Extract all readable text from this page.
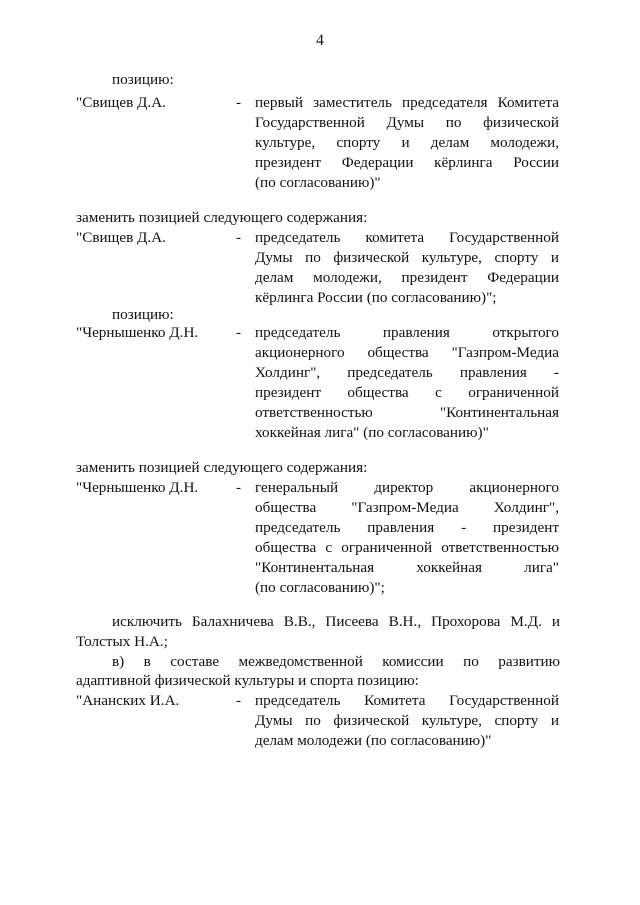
4
позицию:
"Свищев Д.А.	- первый заместитель председателя Комитета
Государственной Думы по физической
культуре, спорту и делам молодежи,
президент Федерации кёрлинга России
(по согласованию)"
заменить позицией следующего содержания:
"Свищев Д.А.	- председатель комитета Государственной
Думы по физической культуре, спорту и
делам молодежи, президент Федерации
кёрлинга России (по согласованию)";
позицию:
"Чернышенко Д.Н. - председатель правления открытого
акционерного общества "Газпром-Медиа
Холдинг", председатель правления -
президент общества с ограниченной
ответственностью "Континентальная
хоккейная лига" (по согласованию)"
заменить позицией следующего содержания:
"Чернышенко Д.Н. - генеральный директор акционерного
общества "Газпром-Медиа Холдинг",
председатель правления - президент
общества с ограниченной ответственностью
"Континентальная хоккейная лига"
(по согласованию)";
исключить Балахничева В.В., Писеева В.Н., Прохорова М.Д. и
Толстых Н.А.;
в) в составе межведомственной комиссии по развитию
адаптивной физической культуры и спорта позицию:
"Ананских И.А.	- председатель Комитета Государственной
Думы по физической культуре, спорту и
делам молодежи (по согласованию)"
